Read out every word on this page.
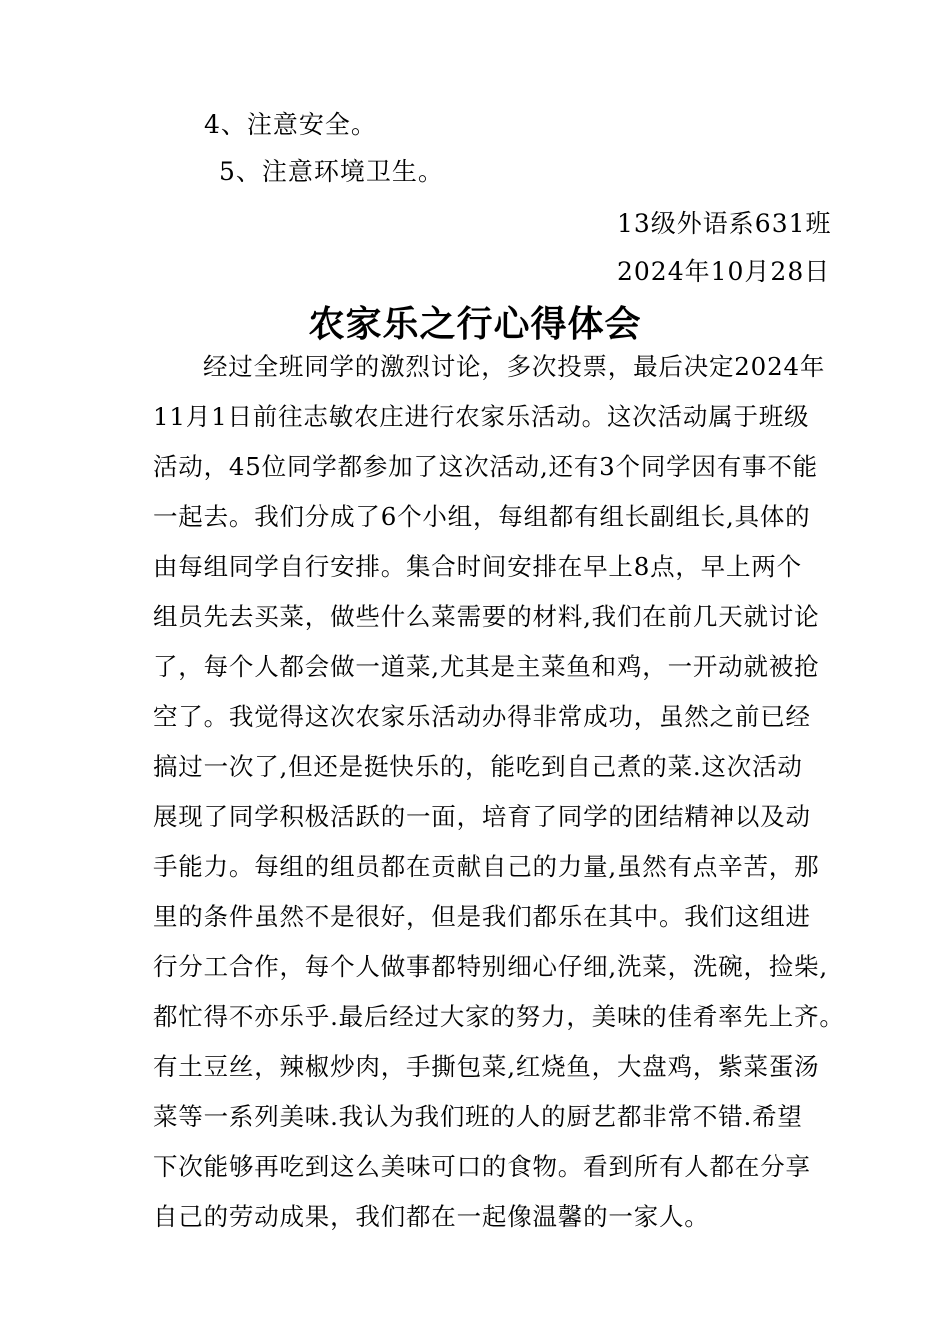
4、注意安全。
5、注意环境卫生。
13级外语系631班
2024年10月28日
农家乐之行心得体会
经过全班同学的激烈讨论，多次投票，最后决定2024年
11月1日前往志敏农庄进行农家乐活动。这次活动属于班级
活动，45位同学都参加了这次活动,还有3个同学因有事不能
一起去。我们分成了6个小组，每组都有组长副组长,具体的
由每组同学自行安排。集合时间安排在早上8点，早上两个
组员先去买菜，做些什么菜需要的材料,我们在前几天就讨论
了，每个人都会做一道菜,尤其是主菜鱼和鸡，一开动就被抢
空了。我觉得这次农家乐活动办得非常成功，虽然之前已经
搞过一次了,但还是挺快乐的，能吃到自己煮的菜.这次活动
展现了同学积极活跃的一面，培育了同学的团结精神以及动
手能力。每组的组员都在贡献自己的力量,虽然有点辛苦，那
里的条件虽然不是很好，但是我们都乐在其中。我们这组进
行分工合作，每个人做事都特别细心仔细,洗菜，洗碗，捡柴,
都忙得不亦乐乎.最后经过大家的努力，美味的佳肴率先上齐。
有土豆丝，辣椒炒肉，手撕包菜,红烧鱼，大盘鸡，紫菜蛋汤
菜等一系列美味.我认为我们班的人的厨艺都非常不错.希望
下次能够再吃到这么美味可口的食物。看到所有人都在分享
自己的劳动成果，我们都在一起像温馨的一家人。
